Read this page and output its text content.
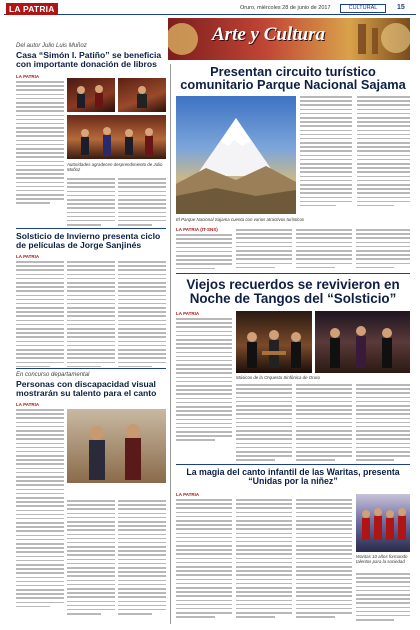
LA PATRIA	Oruro, miércoles 28 de junio de 2017	CULTURAL	15
Arte y Cultura
Del autor Julio Luis Muñoz
Casa “Simón I. Patiño” se beneficia con importante donación de libros
LA PATRIA
Autoridades agradecen desprendimiento de Julio Muñoz
Solsticio de Invierno presenta ciclo de películas de Jorge Sanjinés
LA PATRIA
En concurso departamental
Personas con discapacidad visual mostrarán su talento para el canto
LA PATRIA
Presentan circuito turístico comunitario Parque Nacional Sajama
El Parque Nacional Sajama cuenta con varios atractivos turísticos
LA PATRIA (IT-SNS)
Viejos recuerdos se revivieron en Noche de Tangos del “Solsticio”
LA PATRIA
Músicos de la Orquesta Sinfónica de Oruro
La magia del canto infantil de las Waritas, presenta “Unidas por la niñez”
LA PATRIA
Waritas 10 años formando talentos para la sociedad
